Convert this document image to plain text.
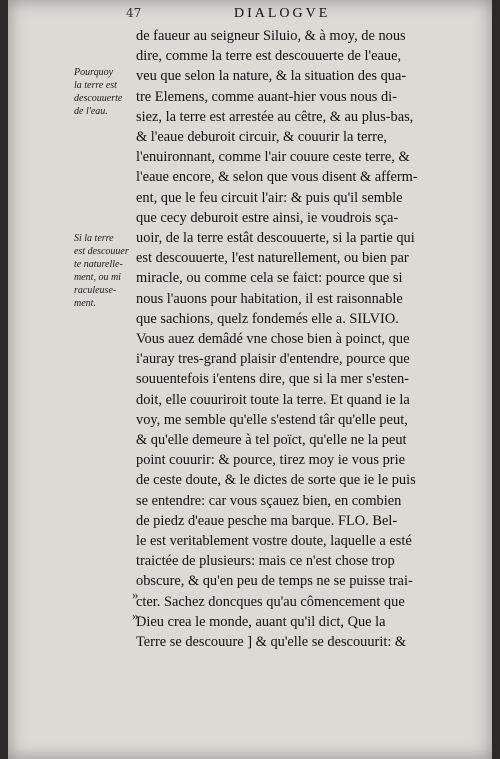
47	DIALOGVE
Pourquoy
la terre est
descouuerte
de l'eau.
Si la terre
est descouuer
te naturelle-
ment, ou mi
raculeuse-
ment.
de faueur au seigneur Siluio, & à moy, de nous
dire, comme la terre est descouuerte de l'eaue,
veu que selon la nature, & la situation des qua-
tre Elemens, comme auant-hier vous nous di-
siez, la terre est arrestée au cêtre, & au plus-bas,
& l'eaue deburoit circuir, & couurir la terre,
l'enuironnant, comme l'air couure ceste terre, &
l'eaue encore, & selon que vous disent & afferm-
ent, que le feu circuit l'air: & puis qu'il semble
que cecy deburoit estre ainsi, ie voudrois sça-
uoir, de la terre estât descouuerte, si la partie qui
est descouuerte, l'est naturellement, ou bien par
miracle, ou comme cela se faict: pource que si
nous l'auons pour habitation, il est raisonnable
que sachions, quelz fondemés elle a. SILVIO.
Vous auez demâdé vne chose bien à poinct, que
i'auray tres-grand plaisir d'entendre, pource que
souuentefois i'entens dire, que si la mer s'esten-
doit, elle couuriroit toute la terre. Et quand ie la
voy, me semble qu'elle s'estend târ qu'elle peut,
& qu'elle demeure à tel poïct, qu'elle ne la peut
point couurir: & pource, tirez moy ie vous prie
de ceste doute, & le dictes de sorte que ie le puis
se entendre: car vous sçauez bien, en combien
de piedz d'eaue pesche ma barque. FLO. Bel-
le est veritablement vostre doute, laquelle a esté
traictée de plusieurs: mais ce n'est chose trop
obscure, & qu'en peu de temps ne se puisse trai-
cter. Sachez doncques qu'au cômencement que
Dieu crea le monde, auant qu'il dict, Que la
Terre se descouure ] & qu'elle se descouurit: &
»
»
